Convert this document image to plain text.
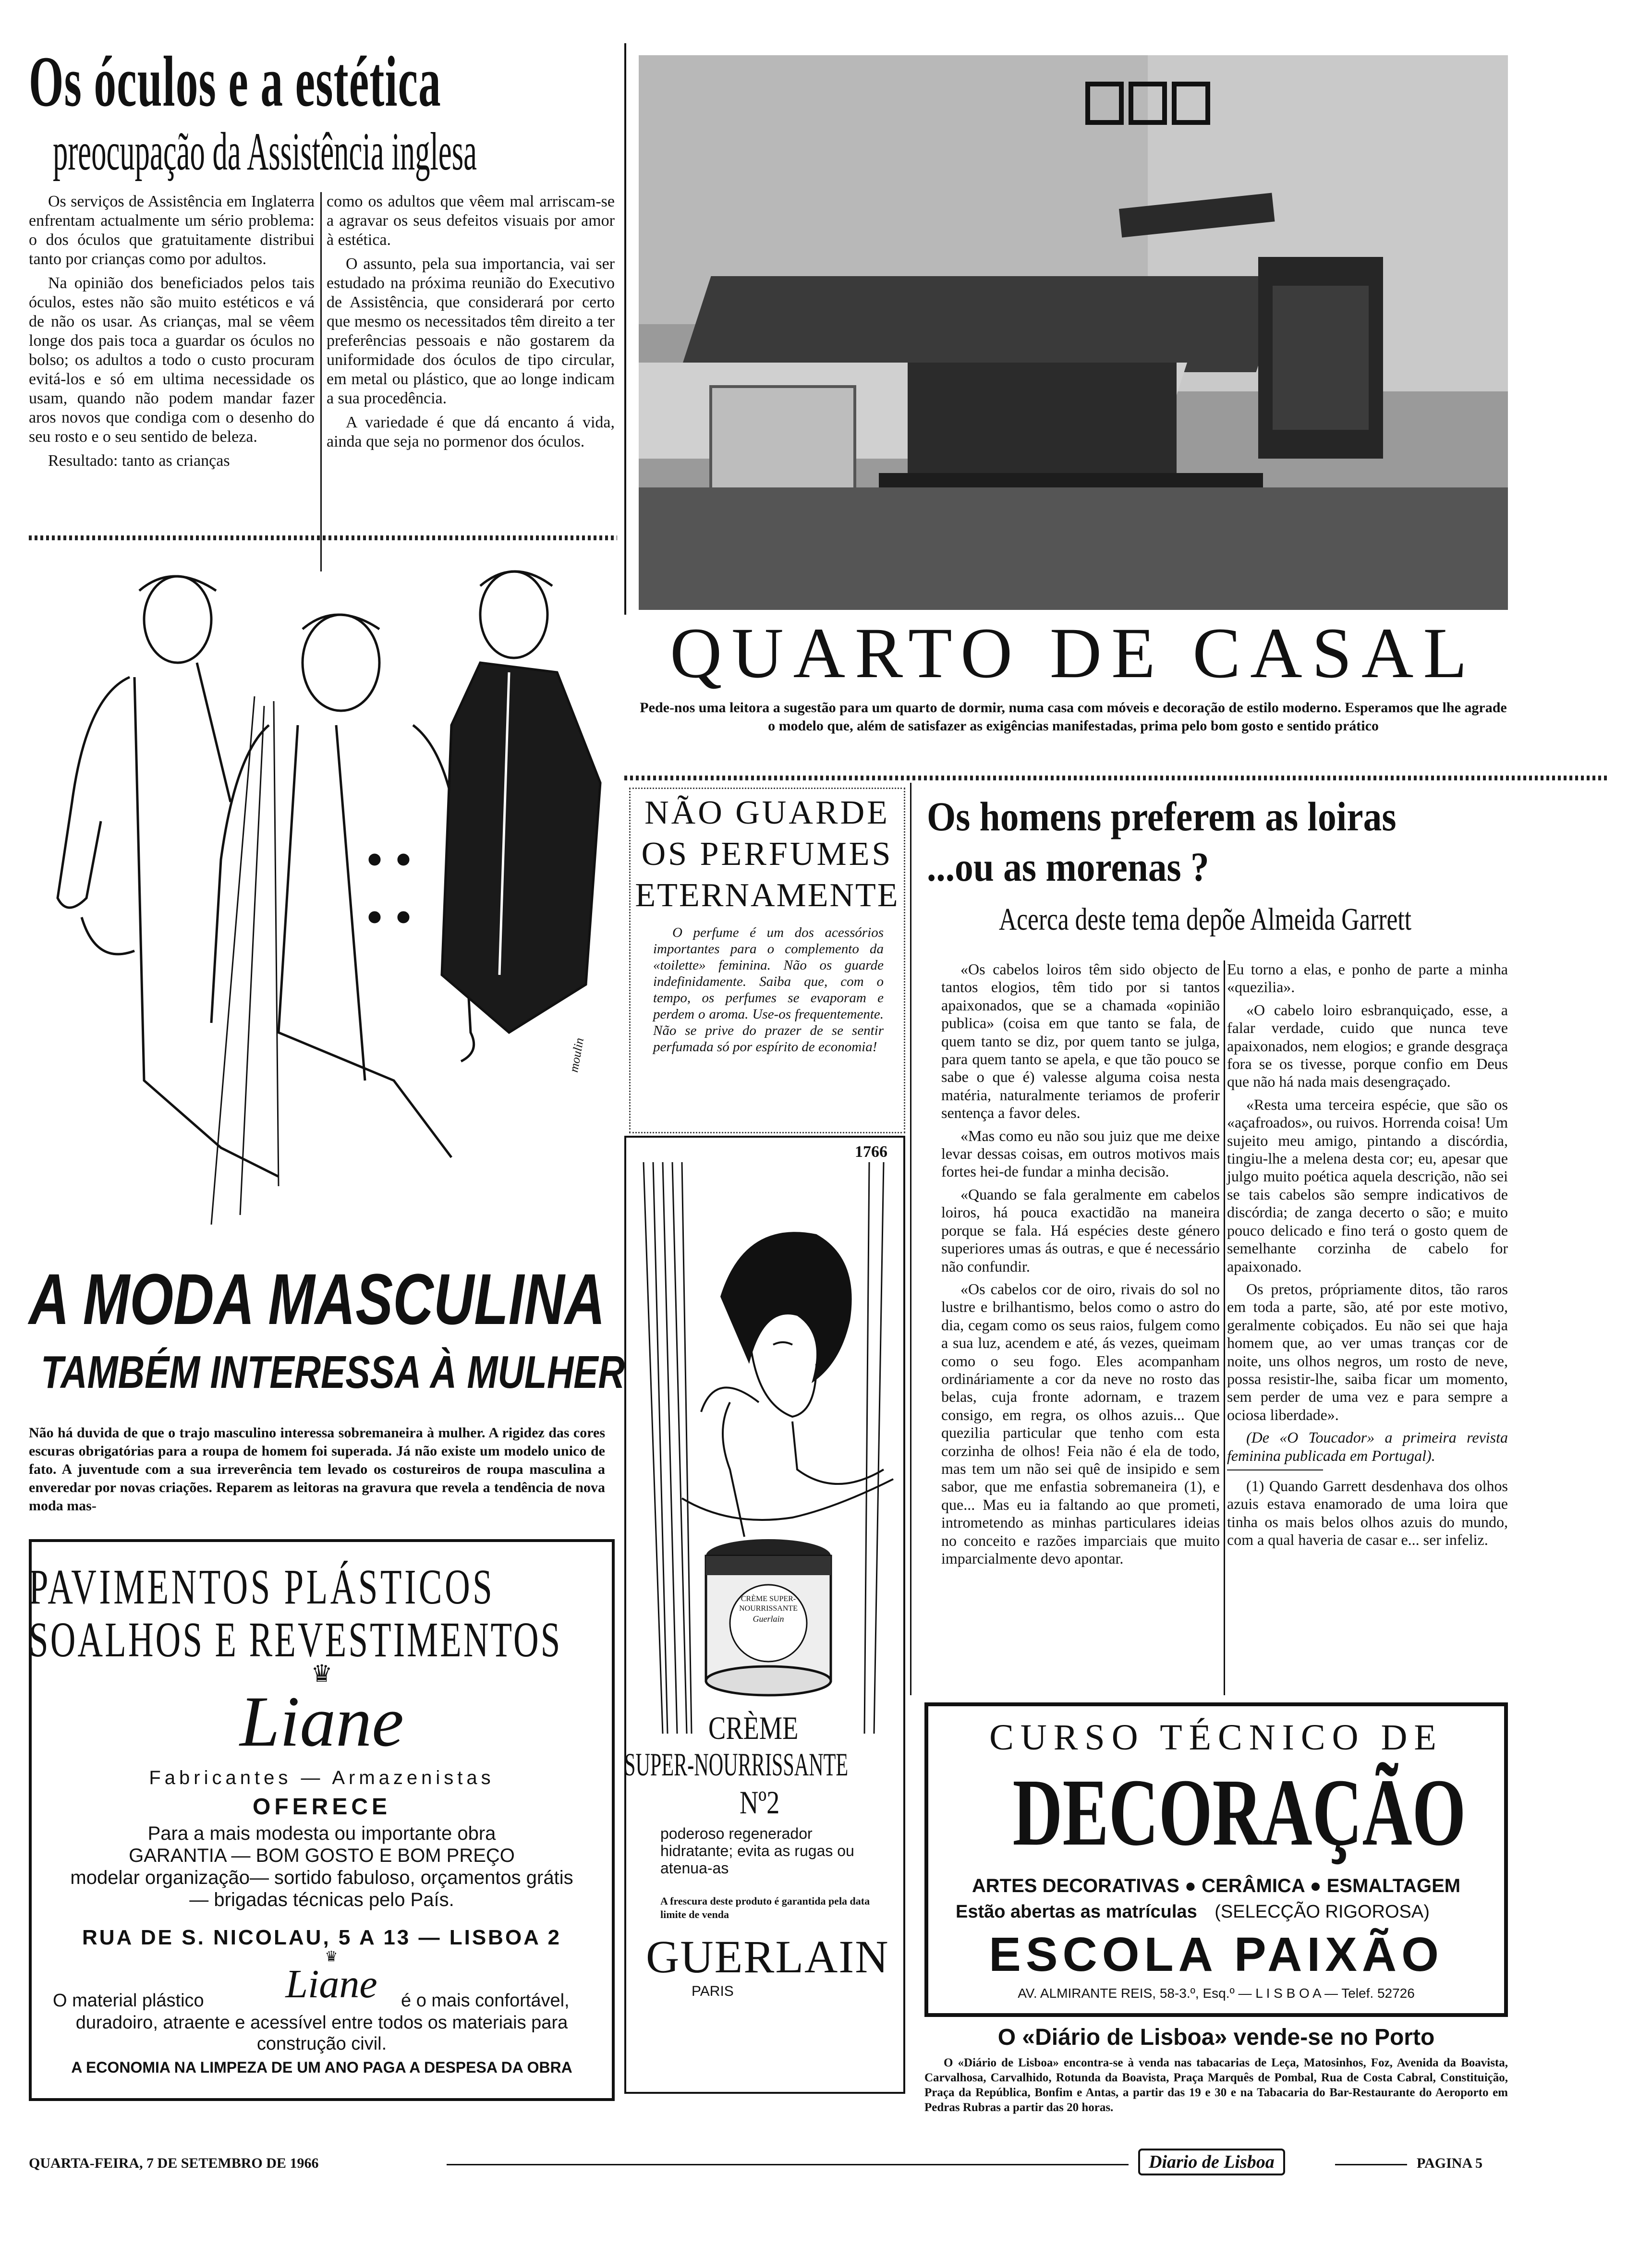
Os óculos e a estética
preocupação da Assistência inglesa

Os serviços de Assistência em Inglaterra enfrentam actualmente um sério problema: o dos óculos que gratuitamente distribui tanto por crianças como por adultos.

Na opinião dos beneficiados pelos tais óculos, estes não são muito estéticos e vá de não os usar. As crianças, mal se vêem longe dos pais toca a guardar os óculos no bolso; os adultos a todo o custo procuram evitá-los e só em ultima necessidade os usam, quando não podem mandar fazer aros novos que condiga com o desenho do seu rosto e o seu sentido de beleza.

Resultado: tanto as crianças

como os adultos que vêem mal arriscam-se a agravar os seus defeitos visuais por amor à estética.

O assunto, pela sua importancia, vai ser estudado na próxima reunião do Executivo de Assistência, que considerará por certo que mesmo os necessitados têm direito a ter preferências pessoais e não gostarem da uniformidade dos óculos de tipo circular, em metal ou plástico, que ao longe indicam a sua procedência.

A variedade é que dá encanto á vida, ainda que seja no pormenor dos óculos.

QUARTO DE CASAL
Pede-nos uma leitora a sugestão para um quarto de dormir, numa casa com móveis e decoração de estilo moderno. Esperamos que lhe agrade o modelo que, além de satisfazer as exigências manifestadas, prima pelo bom gosto e sentido prático
moulin
A MODA MASCULINA
TAMBÉM INTERESSA À MULHER
Não há duvida de que o trajo masculino interessa sobremaneira à mulher. A rigidez das cores escuras obrigatórias para a roupa de homem foi superada. Já não existe um modelo unico de fato. A juventude com a sua irreverência tem levado os costureiros de roupa masculina a enveredar por novas criações. Reparem as leitoras na gravura que revela a tendência de nova moda mas-
NÃO GUARDE
OS PERFUMES
ETERNAMENTE
O perfume é um dos acessórios importantes para o complemento da «toilette» feminina. Não os guarde indefinidamente. Saiba que, com o tempo, os perfumes se evaporam e perdem o aroma. Use-os frequentemente. Não se prive do prazer de se sentir perfumada só por espírito de economia!
Os homens preferem as loiras
...ou as morenas ?
Acerca deste tema depõe Almeida Garrett

«Os cabelos loiros têm sido objecto de tantos elogios, têm tido por si tantos apaixonados, que se a chamada «opinião publica» (coisa em que tanto se fala, de quem tanto se diz, por quem tanto se julga, para quem tanto se apela, e que tão pouco se sabe o que é) valesse alguma coisa nesta matéria, naturalmente teriamos de proferir sentença a favor deles.

«Mas como eu não sou juiz que me deixe levar dessas coisas, em outros motivos mais fortes hei-de fundar a minha decisão.

«Quando se fala geralmente em cabelos loiros, há pouca exactidão na maneira porque se fala. Há espécies deste género superiores umas ás outras, e que é necessário não confundir.

«Os cabelos cor de oiro, rivais do sol no lustre e brilhantismo, belos como o astro do dia, cegam como os seus raios, fulgem como a sua luz, acendem e até, ás vezes, queimam como o seu fogo. Eles acompanham ordináriamente a cor da neve no rosto das belas, cuja fronte adornam, e trazem consigo, em regra, os olhos azuis... Que quezilia particular que tenho com esta corzinha de olhos! Feia não é ela de todo, mas tem um não sei quê de insipido e sem sabor, que me enfastia sobremaneira (1), e que... Mas eu ia faltando ao que prometi, intrometendo as minhas particulares ideias no conceito e razões imparciais que muito imparcialmente devo apontar.

Eu torno a elas, e ponho de parte a minha «quezilia».

«O cabelo loiro esbranquiçado, esse, a falar verdade, cuido que nunca teve apaixonados, nem elogios; e grande desgraça fora se os tivesse, porque confio em Deus que não há nada mais desengraçado.

«Resta uma terceira espécie, que são os «açafroados», ou ruivos. Horrenda coisa! Um sujeito meu amigo, pintando a discórdia, tingiu-lhe a melena desta cor; eu, apesar que julgo muito poética aquela descrição, não sei se tais cabelos são sempre indicativos de discórdia; de zanga decerto o são; e muito pouco delicado e fino terá o gosto quem de semelhante corzinha de cabelo for apaixonado.

Os pretos, própriamente ditos, tão raros em toda a parte, são, até por este motivo, geralmente cobiçados. Eu não sei que haja homem que, ao ver umas tranças cor de noite, uns olhos negros, um rosto de neve, possa resistir-lhe, saiba ficar um momento, sem perder de uma vez e para sempre a ociosa liberdade».

(De «O Toucador» a primeira revista feminina publicada em Portugal).

(1) Quando Garrett desdenhava dos olhos azuis estava enamorado de uma loira que tinha os mais belos olhos azuis do mundo, com a qual haveria de casar e... ser infeliz.

1766
CRÈME SUPER-NOURRISSANTE
Guerlain
CRÈME
SUPER-NOURRISSANTE
Nº2
poderoso regenerador hidratante; evita as rugas ou atenua-as
A frescura deste produto é garantida pela data limite de venda
GUERLAIN
PARIS
PAVIMENTOS PLÁSTICOS
SOALHOS E REVESTIMENTOS
♛
Liane
Fabricantes — Armazenistas
OFERECE
Para a mais modesta ou importante obra
GARANTIA — BOM GOSTO E BOM PREÇO
modelar organização— sortido fabuloso, orçamentos grátis — brigadas técnicas pelo País.
RUA DE S. NICOLAU, 5 A 13 — LISBOA 2
♛
Liane
O material plástico	é o mais confortável,
duradoiro, atraente e acessível entre todos os materiais para construção civil.
A ECONOMIA NA LIMPEZA DE UM ANO PAGA A DESPESA DA OBRA
CURSO TÉCNICO DE
DECORAÇÃO
ARTES DECORATIVAS ● CERÂMICA ● ESMALTAGEM
Estão abertas as matrículas (SELECÇÃO RIGOROSA)
ESCOLA PAIXÃO
AV. ALMIRANTE REIS, 58-3.º, Esq.º — L I S B O A — Telef. 52726
O «Diário de Lisboa» vende-se no Porto
O «Diário de Lisboa» encontra-se à venda nas tabacarias de Leça, Matosinhos, Foz, Avenida da Boavista, Carvalhosa, Carvalhido, Rotunda da Boavista, Praça Marquês de Pombal, Rua de Costa Cabral, Constituição, Praça da República, Bonfim e Antas, a partir das 19 e 30 e na Tabacaria do Bar-Restaurante do Aeroporto em Pedras Rubras a partir das 20 horas.
QUARTA-FEIRA, 7 DE SETEMBRO DE 1966	Diario de Lisboa	PAGINA 5
